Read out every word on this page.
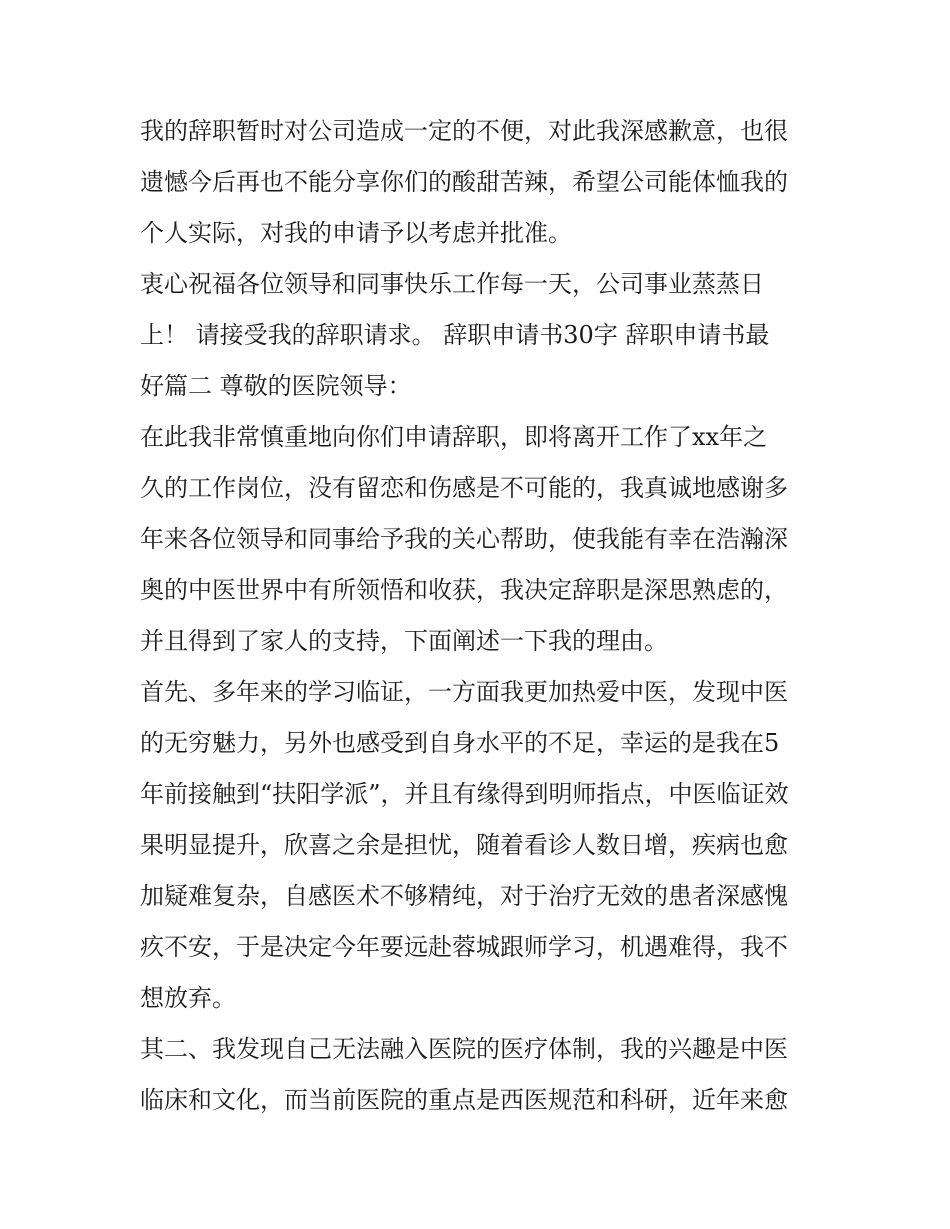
我的辞职暂时对公司造成一定的不便，对此我深感歉意，也很
遗憾今后再也不能分享你们的酸甜苦辣，希望公司能体恤我的
个人实际，对我的申请予以考虑并批准。
衷心祝福各位领导和同事快乐工作每一天，公司事业蒸蒸日
上！ 请接受我的辞职请求。 辞职申请书30字 辞职申请书最
好篇二 尊敬的医院领导：
在此我非常慎重地向你们申请辞职，即将离开工作了xx年之
久的工作岗位，没有留恋和伤感是不可能的，我真诚地感谢多
年来各位领导和同事给予我的关心帮助，使我能有幸在浩瀚深
奥的中医世界中有所领悟和收获，我决定辞职是深思熟虑的，
并且得到了家人的支持，下面阐述一下我的理由。
首先、多年来的学习临证，一方面我更加热爱中医，发现中医
的无穷魅力，另外也感受到自身水平的不足，幸运的是我在5
年前接触到“扶阳学派”，并且有缘得到明师指点，中医临证效
果明显提升，欣喜之余是担忧，随着看诊人数日增，疾病也愈
加疑难复杂，自感医术不够精纯，对于治疗无效的患者深感愧
疚不安，于是决定今年要远赴蓉城跟师学习，机遇难得，我不
想放弃。
其二、我发现自己无法融入医院的医疗体制，我的兴趣是中医
临床和文化，而当前医院的重点是西医规范和科研，近年来愈
